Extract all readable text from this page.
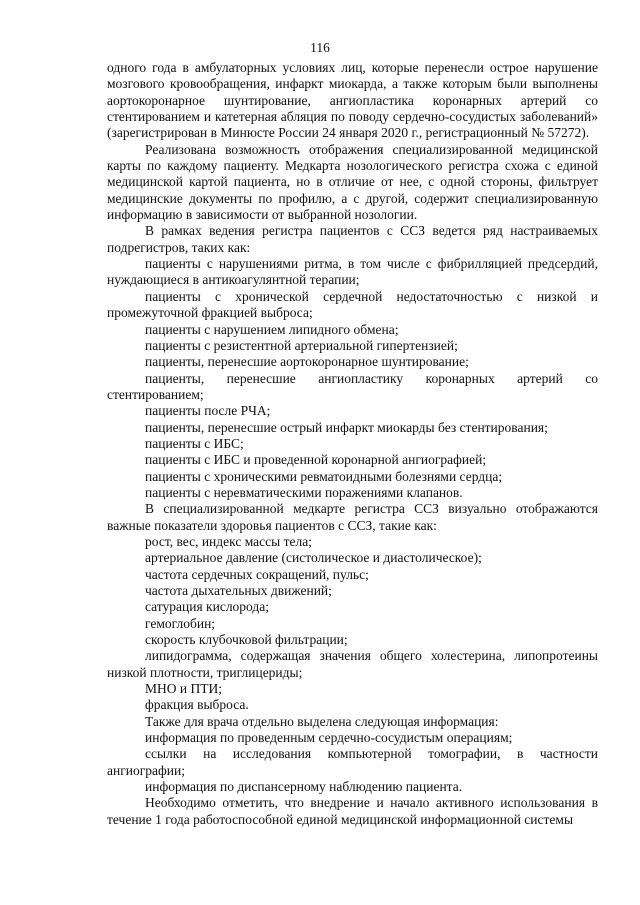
116

одного года в амбулаторных условиях лиц, которые перенесли острое нарушение мозгового кровообращения, инфаркт миокарда, а также которым были выполнены аортокоронарное шунтирование, ангиопластика коронарных артерий со стентированием и катетерная абляция по поводу сердечно-сосудистых заболеваний» (зарегистрирован в Минюсте России 24 января 2020 г., регистрационный № 57272).

Реализована возможность отображения специализированной медицинской карты по каждому пациенту. Медкарта нозологического регистра схожа с единой медицинской картой пациента, но в отличие от нее, с одной стороны, фильтрует медицинские документы по профилю, а с другой, содержит специализированную информацию в зависимости от выбранной нозологии.

В рамках ведения регистра пациентов с ССЗ ведется ряд настраиваемых подрегистров, таких как:

пациенты с нарушениями ритма, в том числе с фибрилляцией предсердий, нуждающиеся в антикоагулянтной терапии;

пациенты с хронической сердечной недостаточностью с низкой и промежуточной фракцией выброса;

пациенты с нарушением липидного обмена;

пациенты с резистентной артериальной гипертензией;

пациенты, перенесшие аортокоронарное шунтирование;

пациенты, перенесшие ангиопластику коронарных артерий со стентированием;

пациенты после РЧА;

пациенты, перенесшие острый инфаркт миокарды без стентирования;

пациенты с ИБС;

пациенты с ИБС и проведенной коронарной ангиографией;

пациенты с хроническими ревматоидными болезнями сердца;

пациенты с неревматическими поражениями клапанов.

В специализированной медкарте регистра ССЗ визуально отображаются важные показатели здоровья пациентов с ССЗ, такие как:

рост, вес, индекс массы тела;

артериальное давление (систолическое и диастолическое);

частота сердечных сокращений, пульс;

частота дыхательных движений;

сатурация кислорода;

гемоглобин;

скорость клубочковой фильтрации;

липидограмма, содержащая значения общего холестерина, липопротеины низкой плотности, триглицериды;

МНО и ПТИ;

фракция выброса.

Также для врача отдельно выделена следующая информация:

информация по проведенным сердечно-сосудистым операциям;

ссылки на исследования компьютерной томографии, в частности ангиографии;

информация по диспансерному наблюдению пациента.

Необходимо отметить, что внедрение и начало активного использования в течение 1 года работоспособной единой медицинской информационной системы
